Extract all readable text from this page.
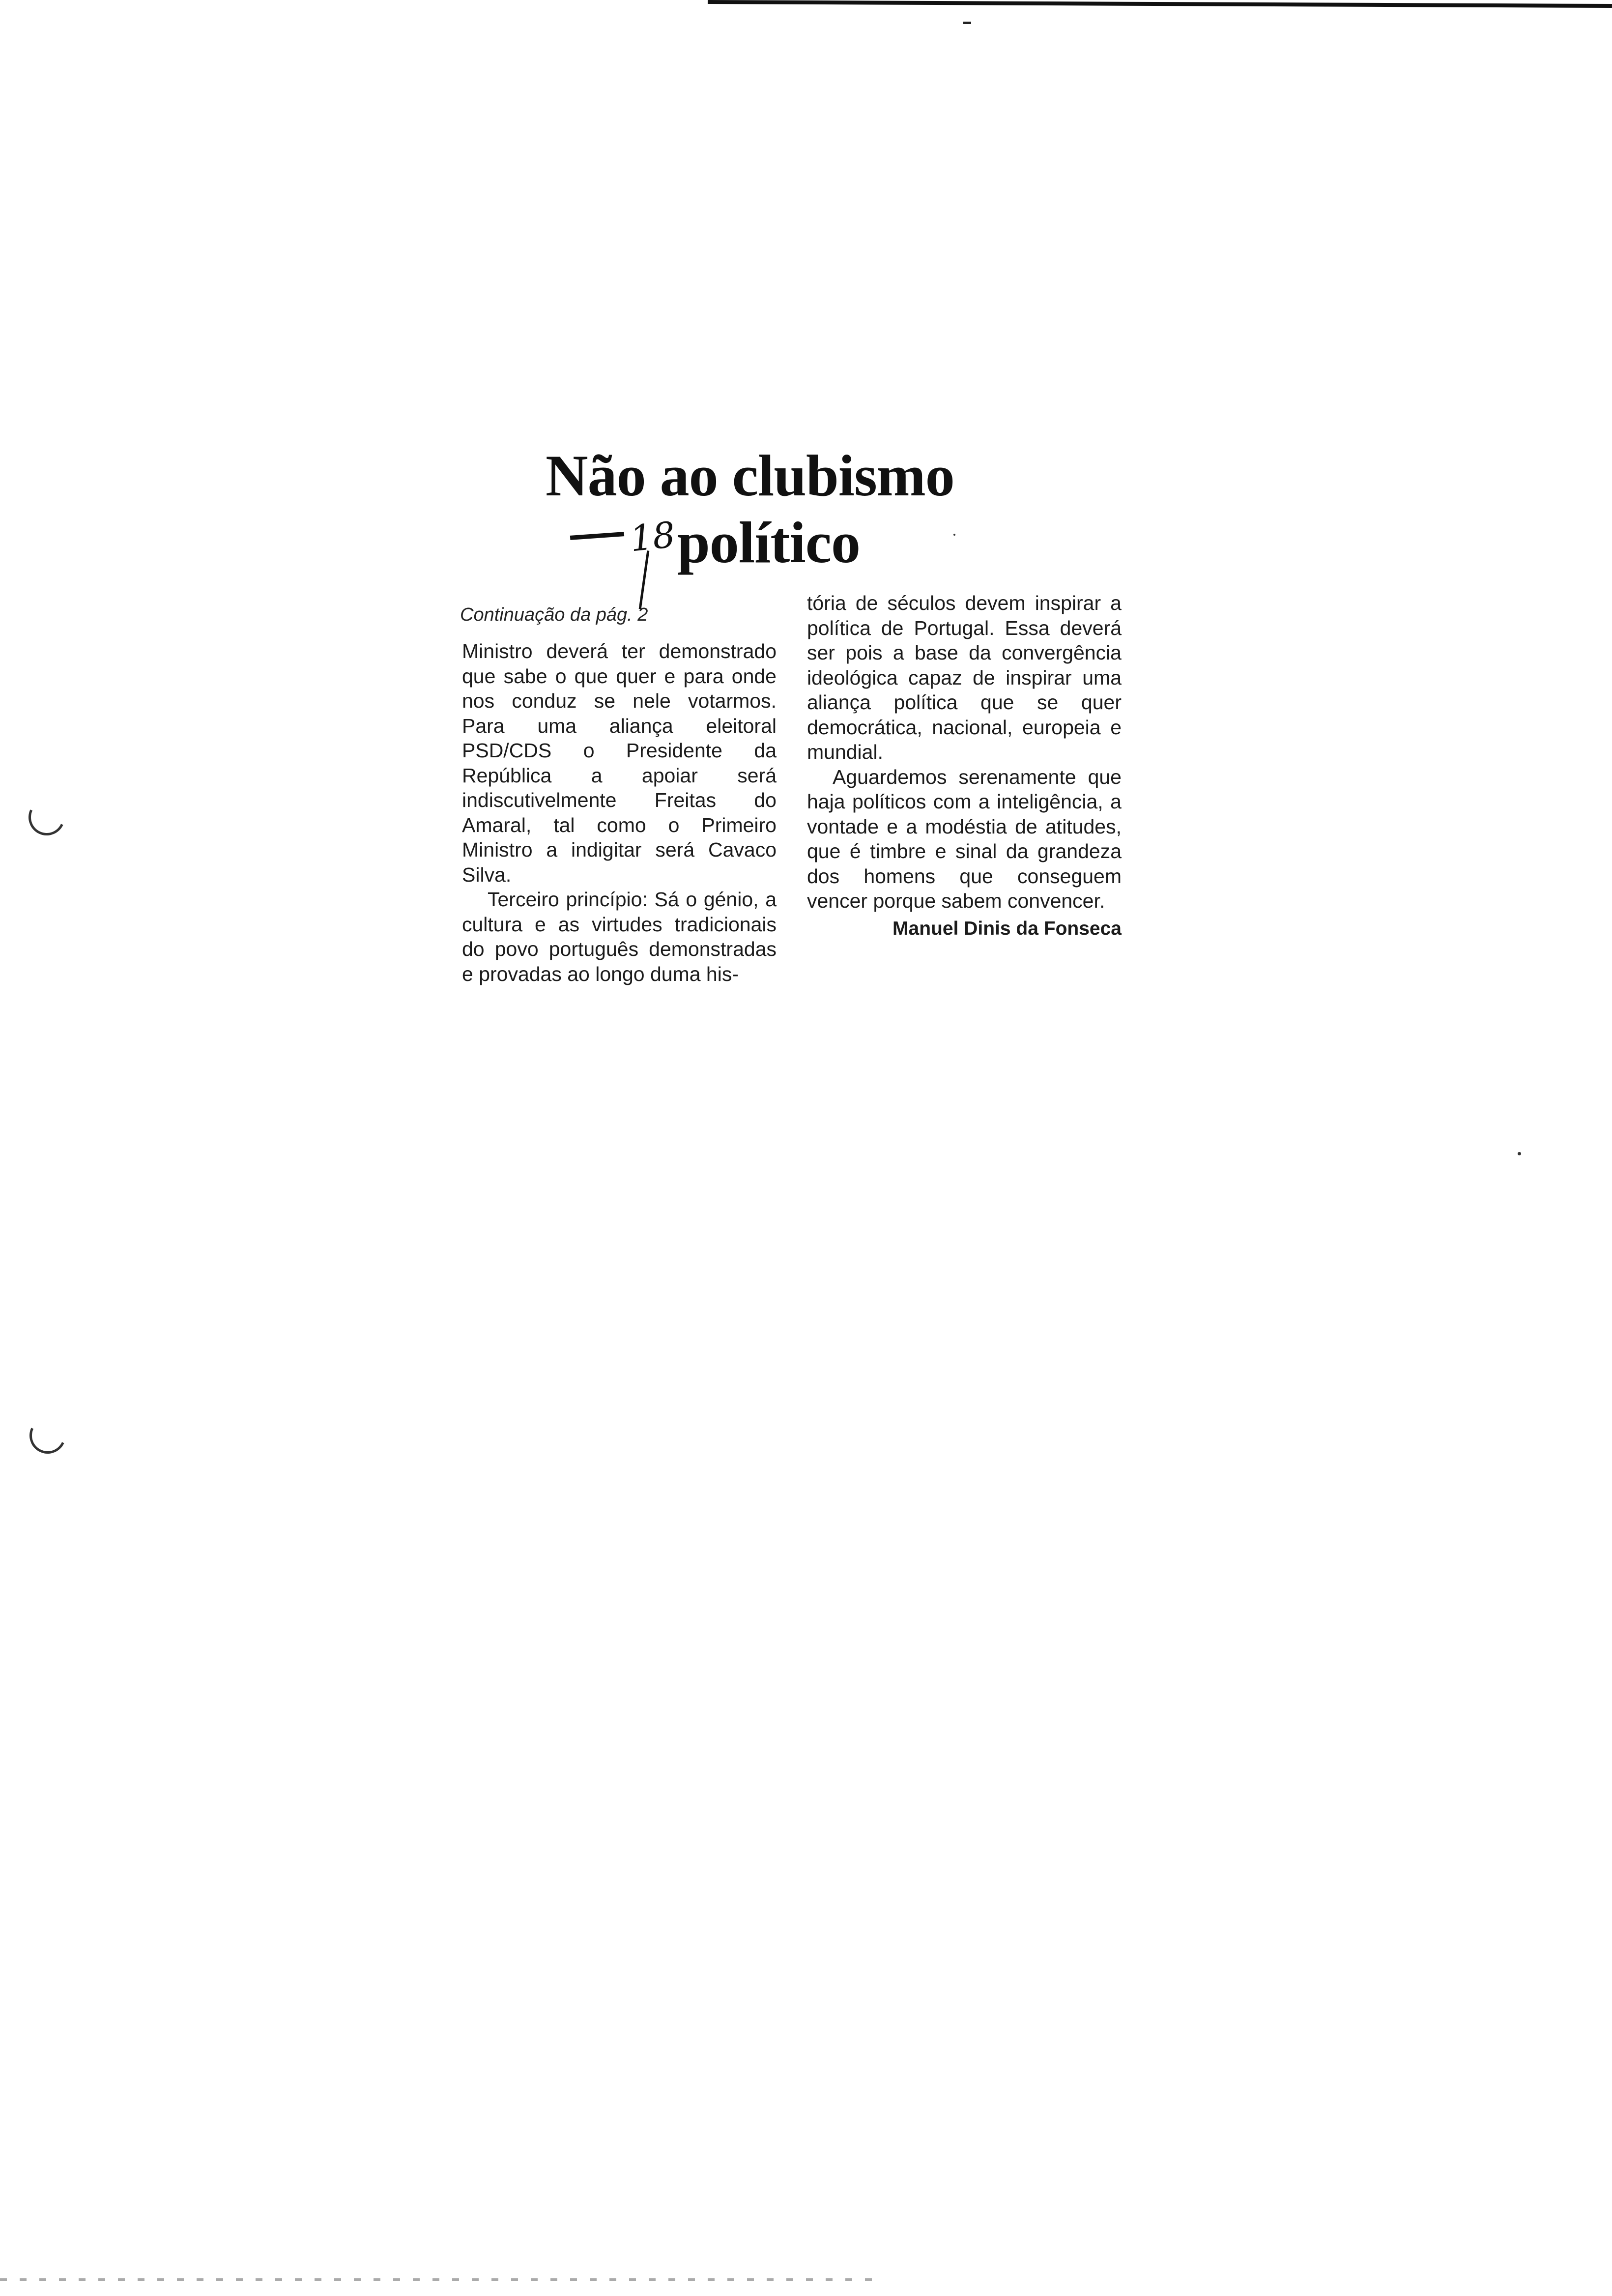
Não ao clubismo
político
18
Continuação da pág. 2

Ministro deverá ter demonstrado que sabe o que quer e para onde nos conduz se nele votarmos. Para uma aliança eleitoral PSD/CDS o Presidente da República a apoiar será indiscutivelmente Freitas do Amaral, tal como o Primeiro Ministro a indigitar será Cavaco Silva.

Terceiro princípio: Sá o génio, a cultura e as virtudes tradicionais do povo português demonstradas e provadas ao longo duma his-

tória de séculos devem inspirar a política de Portugal. Essa deverá ser pois a base da convergência ideológica capaz de inspirar uma aliança política que se quer democrática, nacional, europeia e mundial.

Aguardemos serenamente que haja políticos com a inteligência, a vontade e a modéstia de atitudes, que é timbre e sinal da grandeza dos homens que conseguem vencer porque sabem convencer.

Manuel Dinis da Fonseca
